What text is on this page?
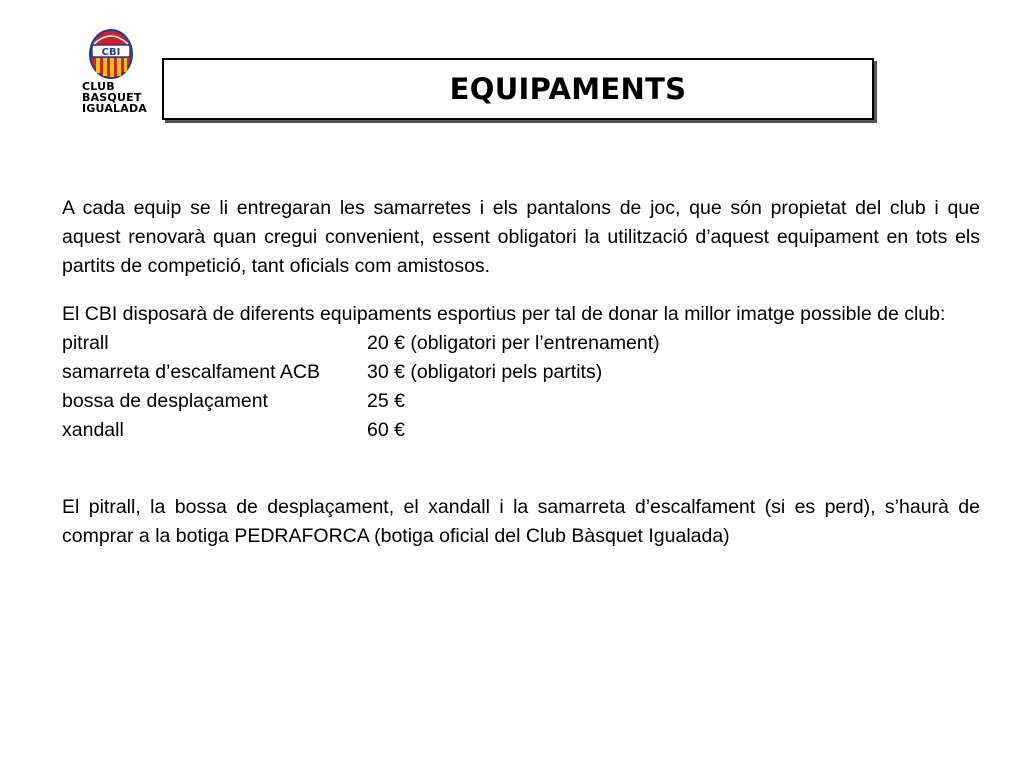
CBI
CLUB
BASQUET
IGUALADA
EQUIPAMENTS

A cada equip se li entregaran les samarretes i els pantalons de joc, que són propietat del club i que aquest renovarà quan cregui convenient, essent obligatori la utilització d’aquest equipament en tots els partits de competició, tant oficials com amistosos.

El CBI disposarà de diferents equipaments esportius per tal de donar la millor imatge possible de club:

pitrall	20 € (obligatori per l’entrenament)
samarreta d’escalfament ACB	30 € (obligatori pels partits)
bossa de desplaçament	25 €
xandall	60 €

El pitrall, la bossa de desplaçament, el xandall i la samarreta d’escalfament (si es perd), s’haurà de comprar a la botiga PEDRAFORCA (botiga oficial del Club Bàsquet Igualada)
